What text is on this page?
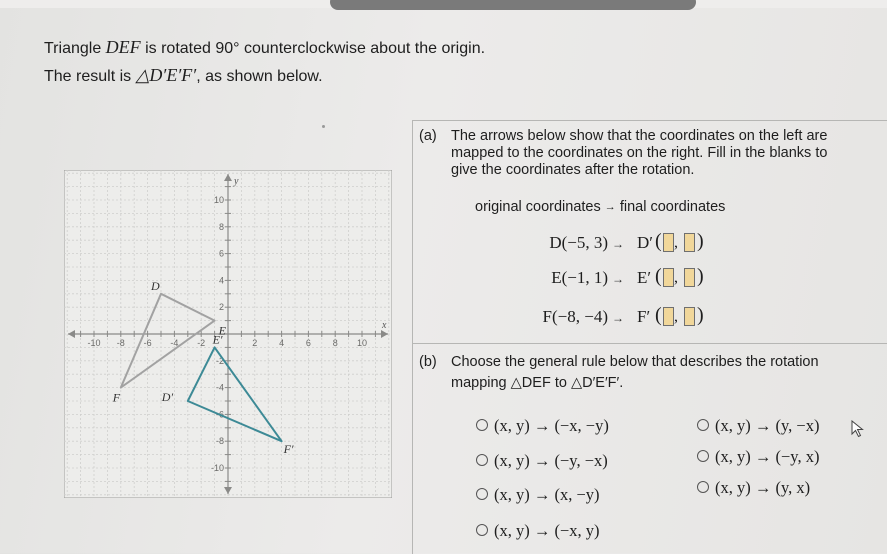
Triangle DEF is rotated 90° counterclockwise about the origin.
The result is △D′E′F′, as shown below.
-10 -8 -6 -4 -2	2 4 6 8 10
10
8
6
4
2
-2
-4
-6
-8
-10
x
y
D
E
F	D′
E′
F′
(a) The arrows below show that the coordinates on the left are
mapped to the coordinates on the right. Fill in the blanks to
give the coordinates after the rotation.
original coordinates → final coordinates
D(−5, 3) → D′ ( , )
E(−1, 1) → E′ ( , )
F(−8, −4) → F′ ( , )
(b) Choose the general rule below that describes the rotation
mapping △DEF to △D′E′F′.
(x, y) → (−x, −y)	(x, y) → (y, −x)
(x, y) → (−y, −x)	(x, y) → (−y, x)
(x, y) → (x, −y)	(x, y) → (y, x)
(x, y) → (−x, y)
